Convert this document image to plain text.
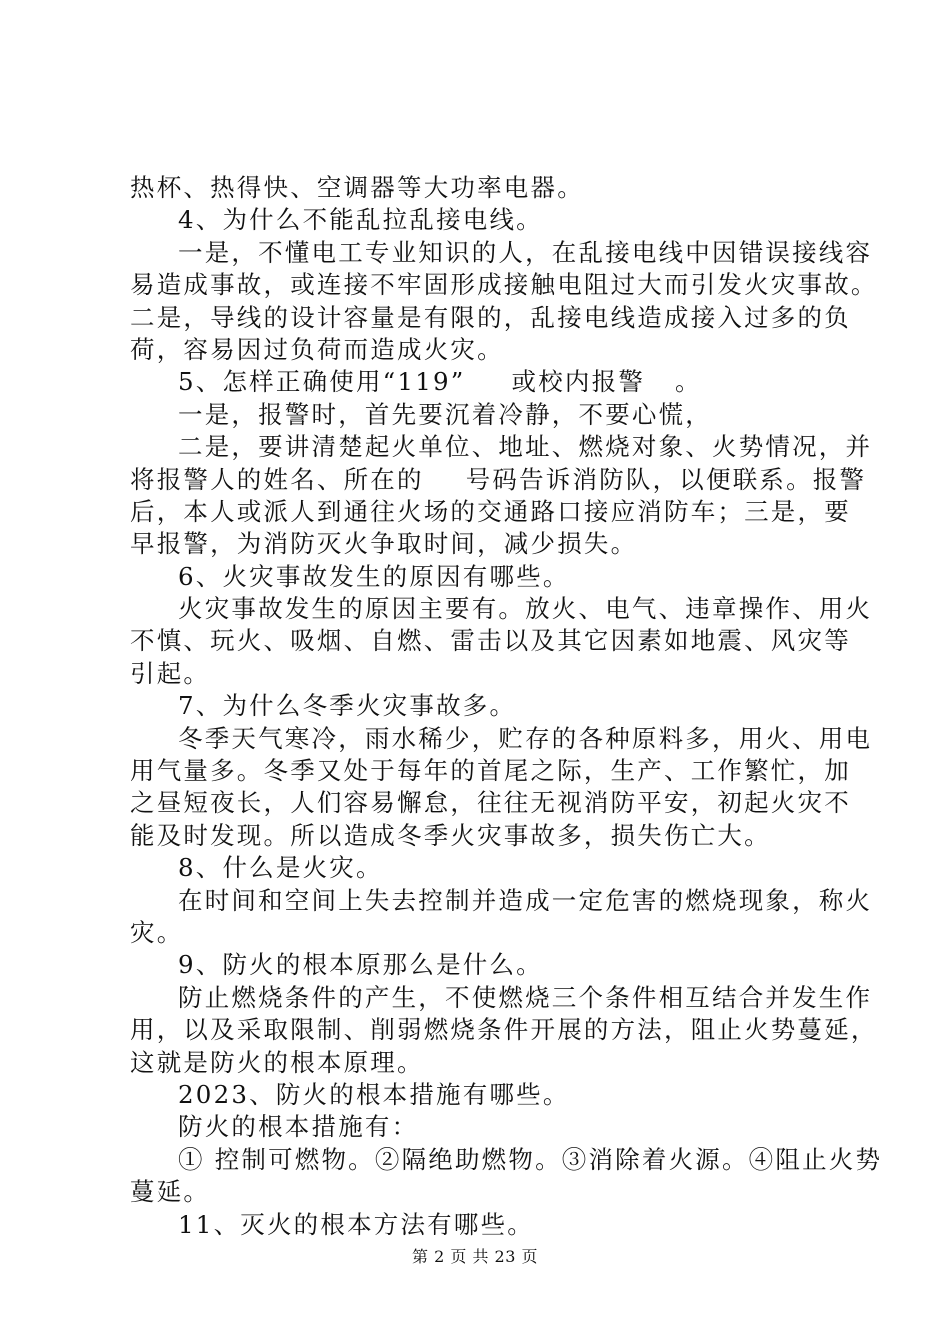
热杯、热得快、空调器等大功率电器。
4、为什么不能乱拉乱接电线。
一是，不懂电工专业知识的人，在乱接电线中因错误接线容
易造成事故，或连接不牢固形成接触电阻过大而引发火灾事故。
二是，导线的设计容量是有限的，乱接电线造成接入过多的负
荷，容易因过负荷而造成火灾。
5、怎样正确使用“119” 或校内报警 。
一是，报警时，首先要沉着冷静，不要心慌，
二是，要讲清楚起火单位、地址、燃烧对象、火势情况，并
将报警人的姓名、所在的 号码告诉消防队，以便联系。报警
后，本人或派人到通往火场的交通路口接应消防车；三是，要
早报警，为消防灭火争取时间，减少损失。
6、火灾事故发生的原因有哪些。
火灾事故发生的原因主要有。放火、电气、违章操作、用火
不慎、玩火、吸烟、自燃、雷击以及其它因素如地震、风灾等
引起。
7、为什么冬季火灾事故多。
冬季天气寒冷，雨水稀少，贮存的各种原料多，用火、用电
用气量多。冬季又处于每年的首尾之际，生产、工作繁忙，加
之昼短夜长，人们容易懈怠，往往无视消防平安，初起火灾不
能及时发现。所以造成冬季火灾事故多，损失伤亡大。
8、什么是火灾。
在时间和空间上失去控制并造成一定危害的燃烧现象，称火
灾。
9、防火的根本原那么是什么。
防止燃烧条件的产生，不使燃烧三个条件相互结合并发生作
用，以及采取限制、削弱燃烧条件开展的方法，阻止火势蔓延，
这就是防火的根本原理。
2023、防火的根本措施有哪些。
防火的根本措施有：
① 控制可燃物。②隔绝助燃物。③消除着火源。④阻止火势
蔓延。
11、灭火的根本方法有哪些。
第 2 页 共 23 页
